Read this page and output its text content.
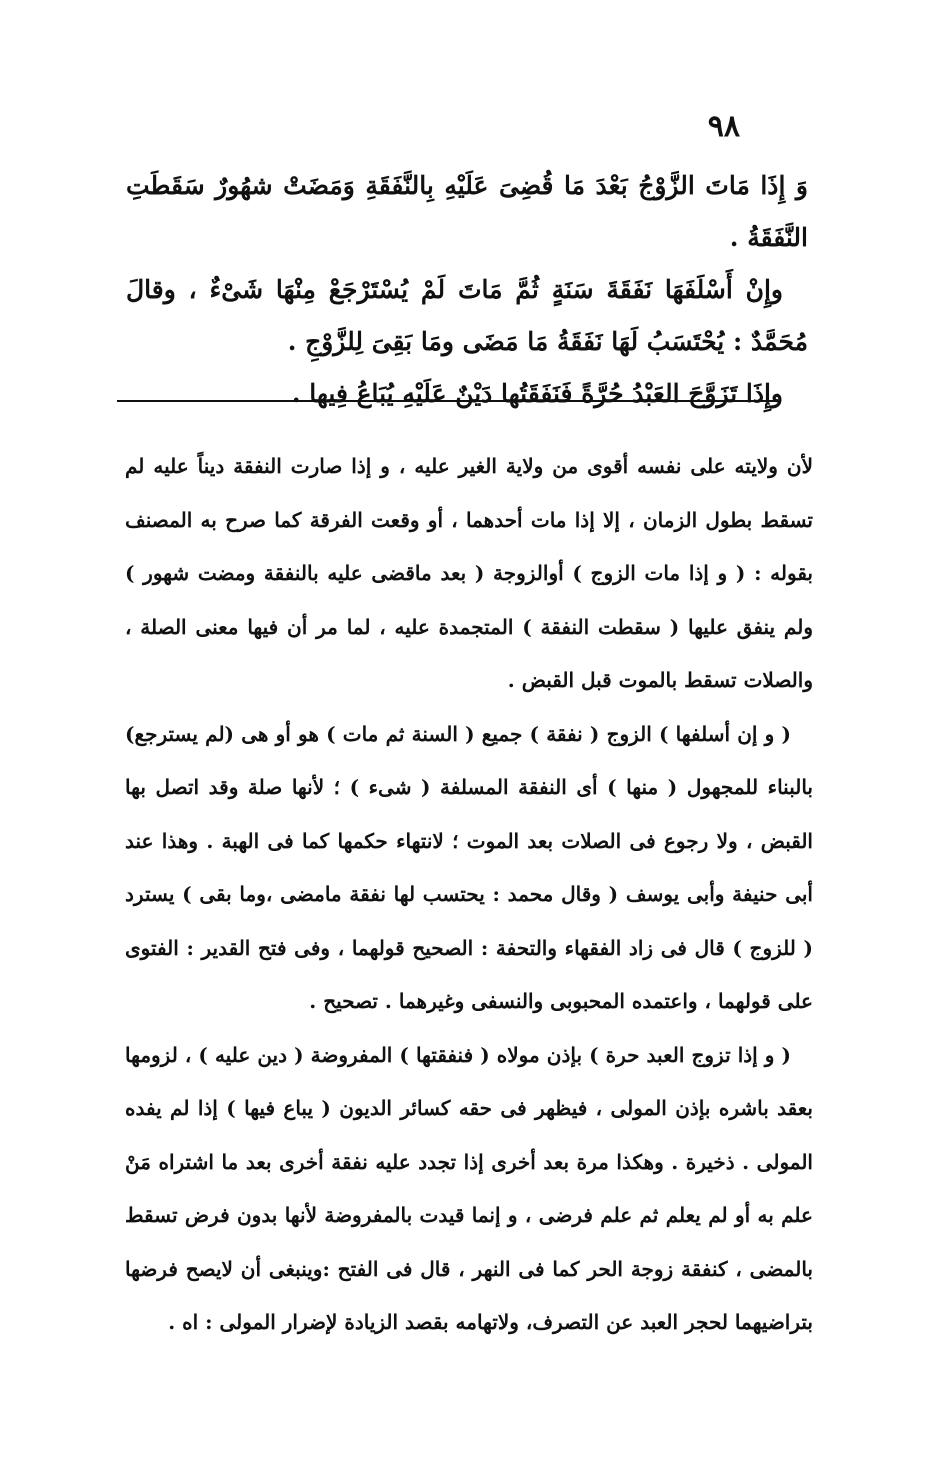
٩٨

وَ إِذَا مَاتَ الزَّوْجُ بَعْدَ مَا قُضِىَ عَلَيْهِ بِالنَّفَقَةِ وَمَضَتْ شهُورٌ سَقَطَتِ النَّفَقَةُ .

وإِنْ أَسْلَفَهَا نَفَقَةَ سَنَةٍ ثُمَّ مَاتَ لَمْ يُسْتَرْجَعْ مِنْهَا شَىْءٌ ، وقالَ مُحَمَّدٌ : يُحْتَسَبُ لَهَا نَفَقَةُ مَا مَضَى ومَا بَقِىَ لِلزَّوْجِ .

وإِذَا تَزَوَّجَ العَبْدُ حُرَّةً فَنَفَقَتُها دَيْنٌ عَلَيْهِ يُبَاعُ فِيها .

لأن ولايته على نفسه أقوى من ولاية الغير عليه ، و إذا صارت النفقة ديناً عليه لم تسقط بطول الزمان ، إلا إذا مات أحدهما ، أو وقعت الفرقة كما صرح به المصنف بقوله : ( و إذا مات الزوج ) أوالزوجة ( بعد ماقضى عليه بالنفقة ومضت شهور ) ولم ينفق عليها ( سقطت النفقة ) المتجمدة عليه ، لما مر أن فيها معنى الصلة ، والصلات تسقط بالموت قبل القبض .

( و إن أسلفها ) الزوج ( نفقة ) جميع ( السنة ثم مات ) هو أو هى (لم يسترجع) بالبناء للمجهول ( منها ) أى النفقة المسلفة ( شىء ) ؛ لأنها صلة وقد اتصل بها القبض ، ولا رجوع فى الصلات بعد الموت ؛ لانتهاء حكمها كما فى الهبة . وهذا عند أبى حنيفة وأبى يوسف ( وقال محمد : يحتسب لها نفقة مامضى ،وما بقى ) يسترد ( للزوج ) قال فى زاد الفقهاء والتحفة : الصحيح قولهما ، وفى فتح القدير : الفتوى على قولهما ، واعتمده المحبوبى والنسفى وغيرهما . تصحيح .

( و إذا تزوج العبد حرة ) بإذن مولاه ( فنفقتها ) المفروضة ( دين عليه ) ، لزومها بعقد باشره بإذن المولى ، فيظهر فى حقه كسائر الديون ( يباع فيها ) إذا لم يفده المولى . ذخيرة . وهكذا مرة بعد أخرى إذا تجدد عليه نفقة أخرى بعد ما اشتراه مَنْ علم به أو لم يعلم ثم علم فرضى ، و إنما قيدت بالمفروضة لأنها بدون فرض تسقط بالمضى ، كنفقة زوجة الحر كما فى النهر ، قال فى الفتح :وينبغى أن لايصح فرضها بتراضيهما لحجر العبد عن التصرف، ولاتهامه بقصد الزيادة لإضرار المولى : اه .
